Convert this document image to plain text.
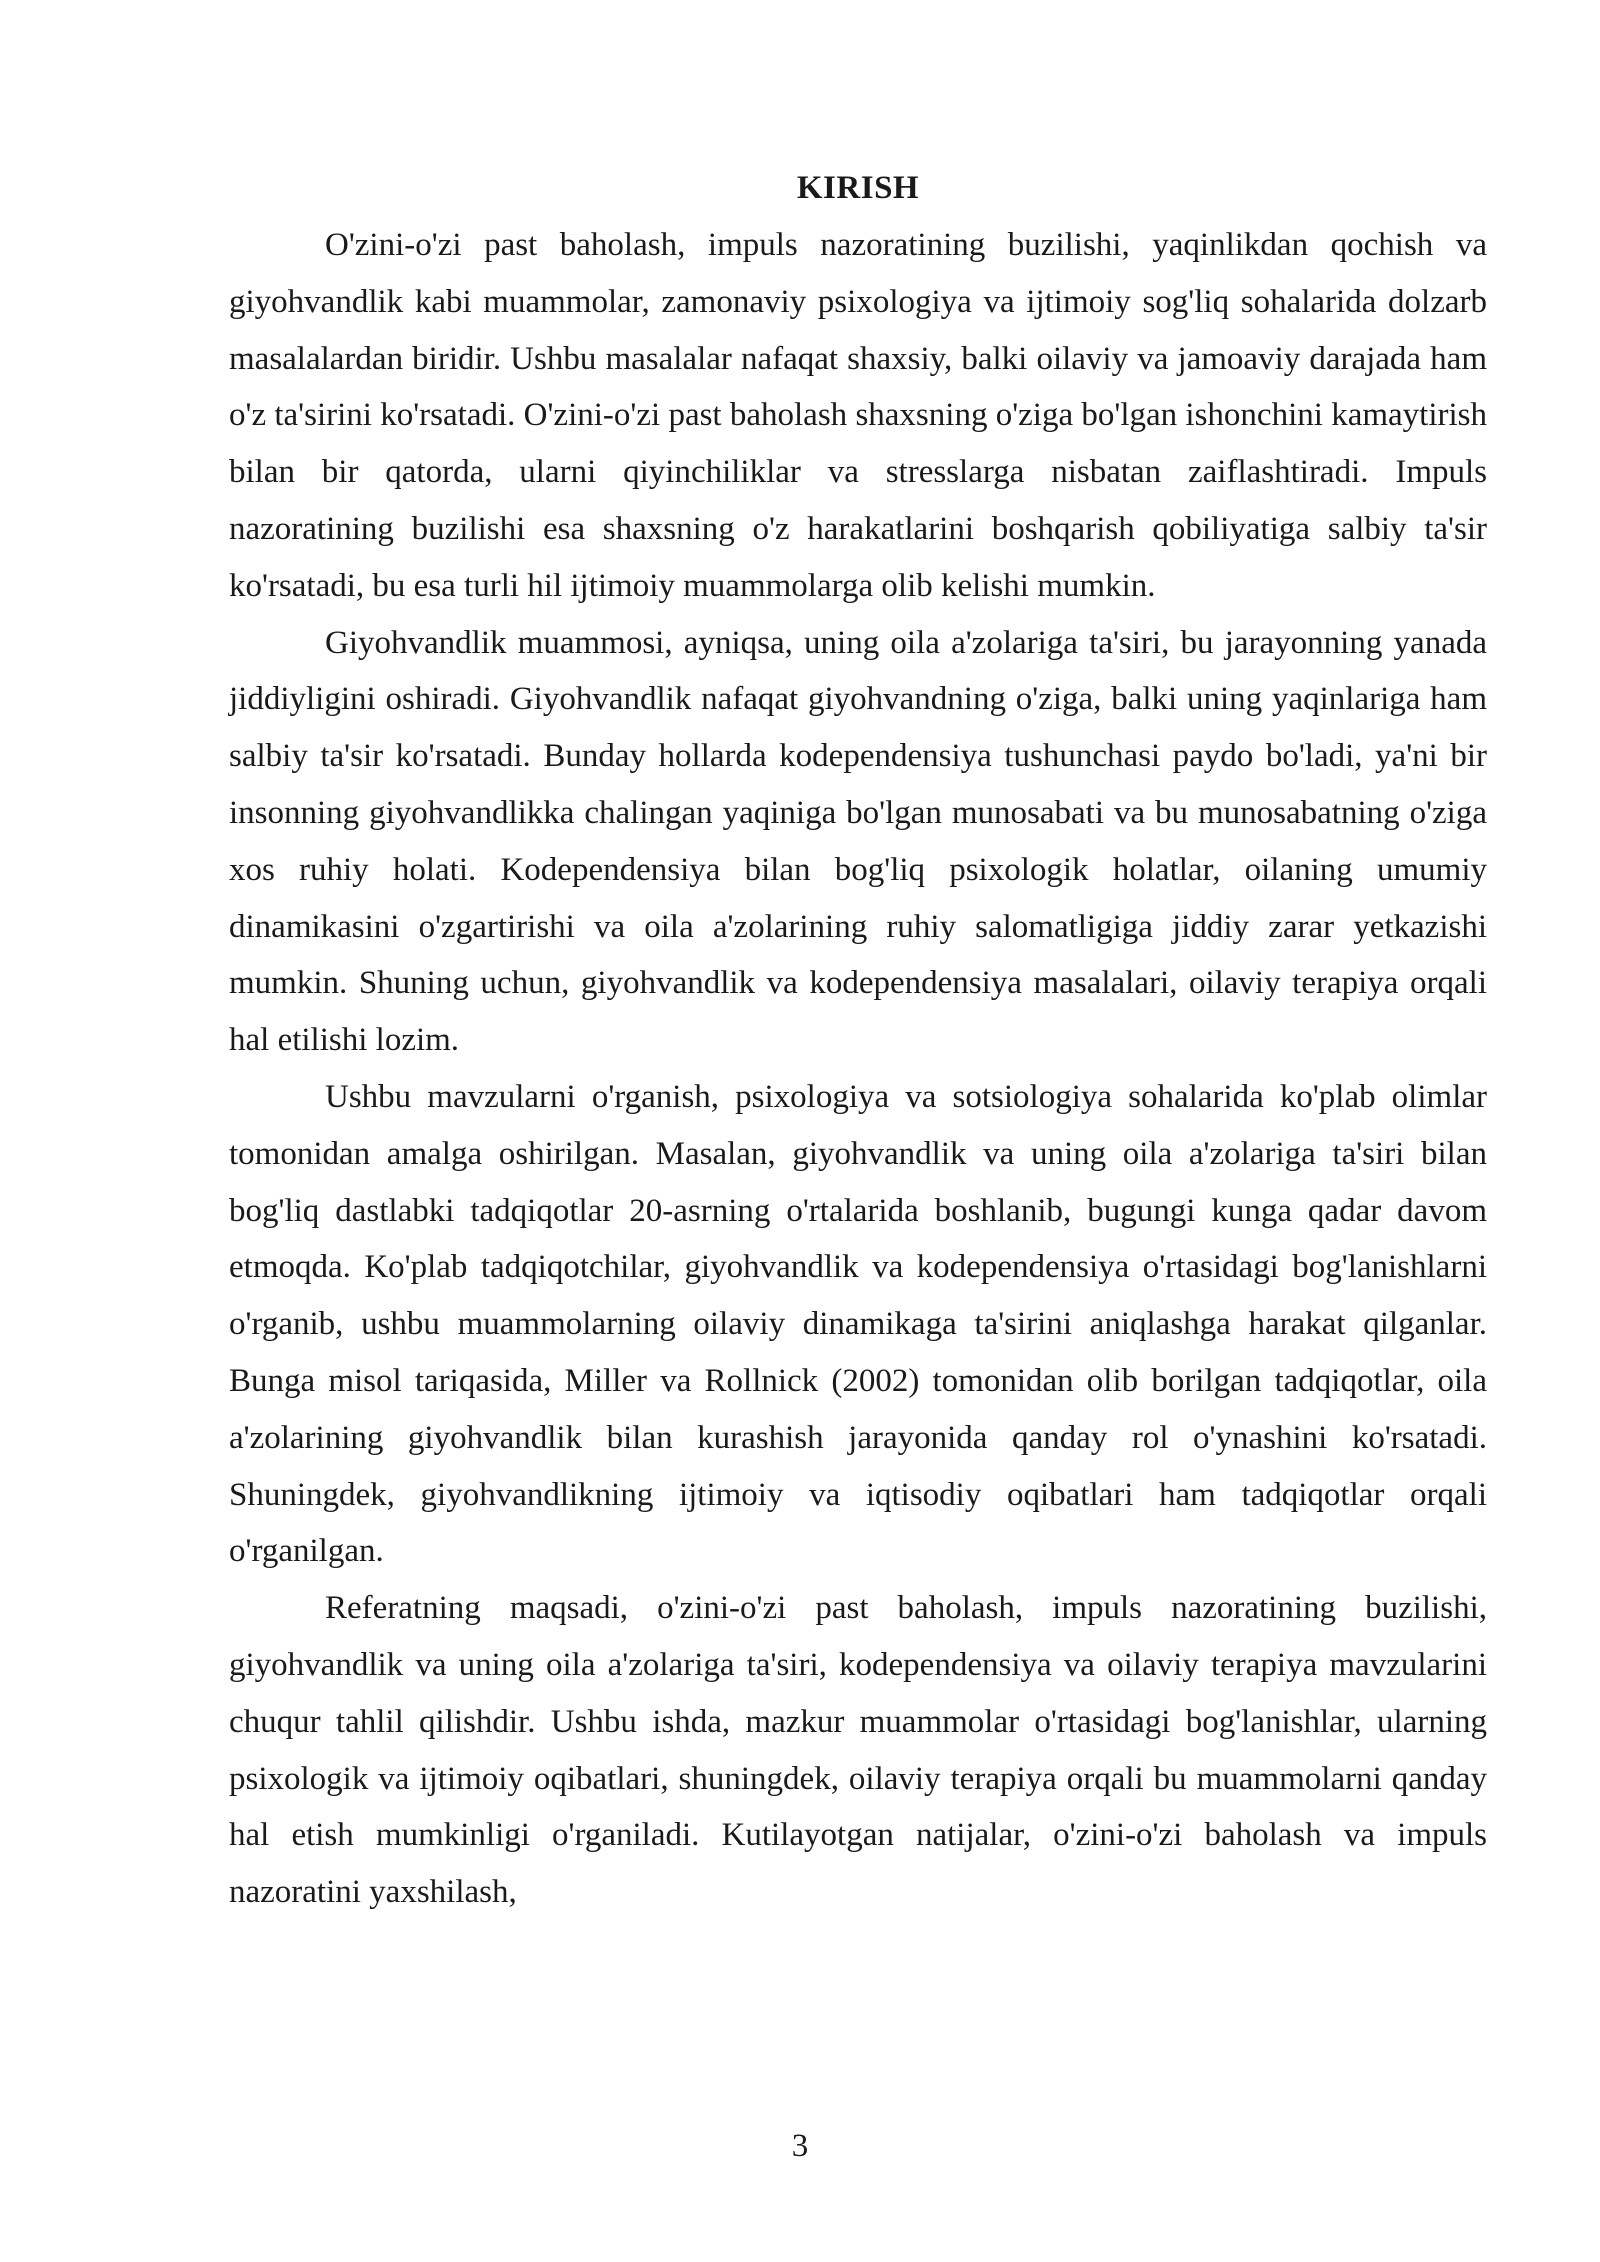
KIRISH

O'zini-o'zi past baholash, impuls nazoratining buzilishi, yaqinlikdan qochish va giyohvandlik kabi muammolar, zamonaviy psixologiya va ijtimoiy sog'liq sohalarida dolzarb masalalardan biridir. Ushbu masalalar nafaqat shaxsiy, balki oilaviy va jamoaviy darajada ham o'z ta'sirini ko'rsatadi. O'zini-o'zi past baholash shaxsning o'ziga bo'lgan ishonchini kamaytirish bilan bir qatorda, ularni qiyinchiliklar va stresslarga nisbatan zaiflashtiradi. Impuls nazoratining buzilishi esa shaxsning o'z harakatlarini boshqarish qobiliyatiga salbiy ta'sir ko'rsatadi, bu esa turli hil ijtimoiy muammolarga olib kelishi mumkin.

Giyohvandlik muammosi, ayniqsa, uning oila a'zolariga ta'siri, bu jarayonning yanada jiddiyligini oshiradi. Giyohvandlik nafaqat giyohvandning o'ziga, balki uning yaqinlariga ham salbiy ta'sir ko'rsatadi. Bunday hollarda kodependensiya tushunchasi paydo bo'ladi, ya'ni bir insonning giyohvandlikka chalingan yaqiniga bo'lgan munosabati va bu munosabatning o'ziga xos ruhiy holati. Kodependensiya bilan bog'liq psixologik holatlar, oilaning umumiy dinamikasini o'zgartirishi va oila a'zolarining ruhiy salomatligiga jiddiy zarar yetkazishi mumkin. Shuning uchun, giyohvandlik va kodependensiya masalalari, oilaviy terapiya orqali hal etilishi lozim.

Ushbu mavzularni o'rganish, psixologiya va sotsiologiya sohalarida ko'plab olimlar tomonidan amalga oshirilgan. Masalan, giyohvandlik va uning oila a'zolariga ta'siri bilan bog'liq dastlabki tadqiqotlar 20-asrning o'rtalarida boshlanib, bugungi kunga qadar davom etmoqda. Ko'plab tadqiqotchilar, giyohvandlik va kodependensiya o'rtasidagi bog'lanishlarni o'rganib, ushbu muammolarning oilaviy dinamikaga ta'sirini aniqlashga harakat qilganlar. Bunga misol tariqasida, Miller va Rollnick (2002) tomonidan olib borilgan tadqiqotlar, oila a'zolarining giyohvandlik bilan kurashish jarayonida qanday rol o'ynashini ko'rsatadi. Shuningdek, giyohvandlikning ijtimoiy va iqtisodiy oqibatlari ham tadqiqotlar orqali o'rganilgan.

Referatning maqsadi, o'zini-o'zi past baholash, impuls nazoratining buzilishi, giyohvandlik va uning oila a'zolariga ta'siri, kodependensiya va oilaviy terapiya mavzularini chuqur tahlil qilishdir. Ushbu ishda, mazkur muammolar o'rtasidagi bog'lanishlar, ularning psixologik va ijtimoiy oqibatlari, shuningdek, oilaviy terapiya orqali bu muammolarni qanday hal etish mumkinligi o'rganiladi. Kutilayotgan natijalar, o'zini-o'zi baholash va impuls nazoratini yaxshilash,

3
